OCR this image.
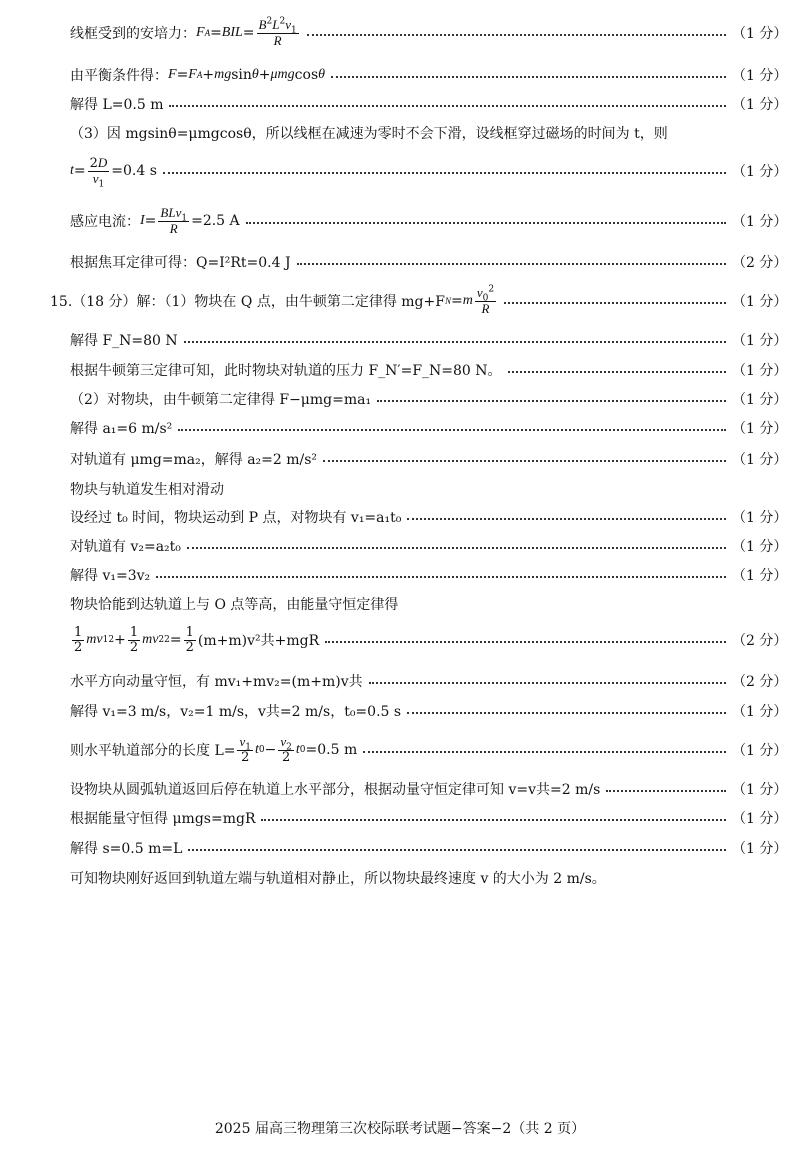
线框受到的安培力： F A = BIL = $\frac{B^2L^2v_1}{R}$	（1 分）
由平衡条件得： F = F A + mg sin θ + μmg cos θ	（1 分）
解得 L=0.5 m	（1 分）
（3）因 mgsinθ=μmgcosθ，所以线框在减速为零时不会下滑，设线框穿过磁场的时间为 t，则
$t = \frac{2D}{v_1} =0.4$ s	（1 分）
感应电流： $I = \frac{BLv_1}{R} =2.5$ A	（1 分）
根据焦耳定律可得：Q=I²Rt=0.4 J	（2 分）
15.（18 分）解：（1）物块在 Q 点，由牛顿第二定律得 mg+F N = m $\frac{v_0^2}{R}$	（1 分）
解得 F_N=80 N	（1 分）
根据牛顿第三定律可知，此时物块对轨道的压力 F_N′=F_N=80 N。	（1 分）
（2）对物块，由牛顿第二定律得 F−μmg=ma₁	（1 分）
解得 a₁=6 m/s²	（1 分）
对轨道有 μmg=ma₂，解得 a₂=2 m/s²	（1 分）
物块与轨道发生相对滑动
设经过 t₀ 时间，物块运动到 P 点，对物块有 v₁=a₁t₀	（1 分）
对轨道有 v₂=a₂t₀	（1 分）
解得 v₁=3v₂	（1 分）
物块恰能到达轨道上与 O 点等高，由能量守恒定律得
$\frac{1}{2}$ mv 1 $2 + \frac{1}{2}$ mv 2 $2 = \frac{1}{2} (m+m)v^2$共+mgR	（2 分）
水平方向动量守恒，有 mv₁+mv₂=(m+m)v共	（2 分）
解得 v₁=3 m/s，v₂=1 m/s，v共=2 m/s，t₀=0.5 s	（1 分）
则水平轨道部分的长度 $L= \frac{v_1}{2}$ t $0 - \frac{v_2}{2}$ t 0 =0.5 m	（1 分）
设物块从圆弧轨道返回后停在轨道上水平部分，根据动量守恒定律可知 v=v共=2 m/s	（1 分）
根据能量守恒得 μmgs=mgR	（1 分）
解得 s=0.5 m=L	（1 分）
可知物块刚好返回到轨道左端与轨道相对静止，所以物块最终速度 v 的大小为 2 m/s。
2025 届高三物理第三次校际联考试题−答案−2（共 2 页）
